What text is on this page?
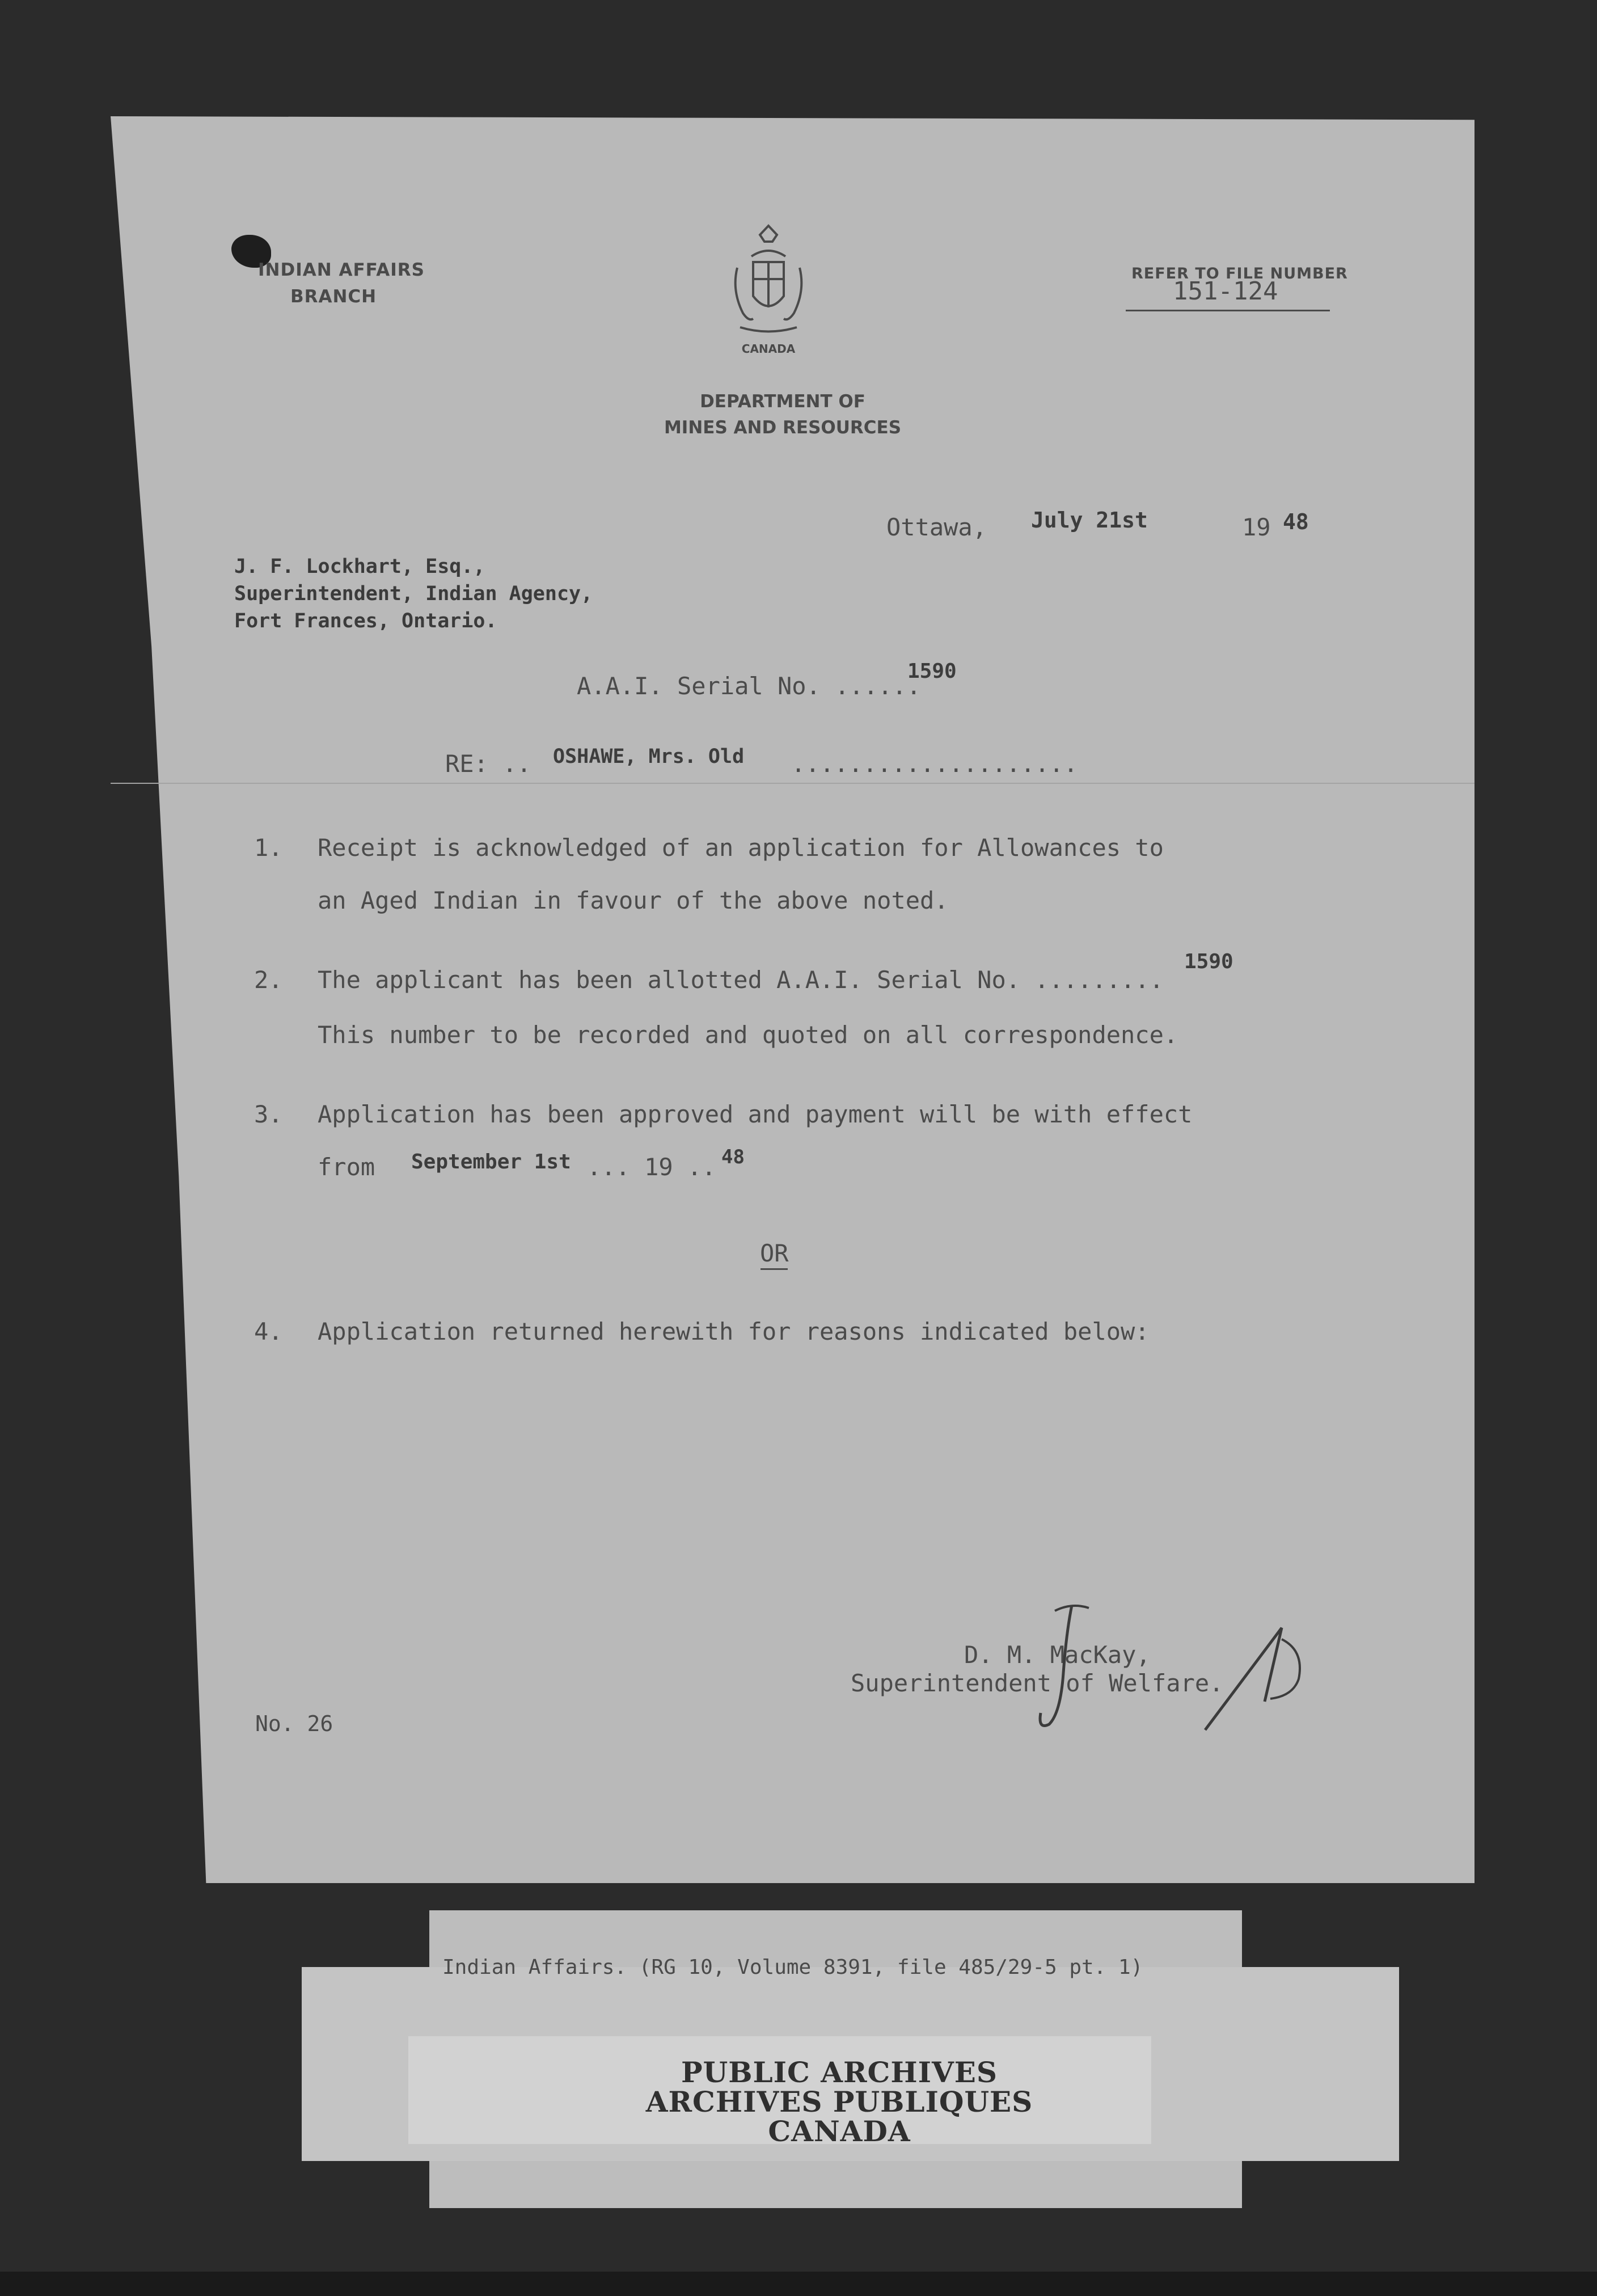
INDIAN AFFAIRS
BRANCH
CANADA
DEPARTMENT OF
MINES AND RESOURCES
REFER TO FILE NUMBER
151-124
Ottawa, July 21st	19 48
J. F. Lockhart, Esq.,
Superintendent, Indian Agency,
Fort Frances, Ontario.
A.A.I. Serial No. ......
1590
RE: .. OSHAWE, Mrs. Old ....................
1. Receipt is acknowledged of an application for Allowances to
an Aged Indian in favour of the above noted.
2. The applicant has been allotted A.A.I. Serial No. .........
1590
This number to be recorded and quoted on all correspondence.
3. Application has been approved and payment will be with effect
from September 1st ... 19 .. 48
OR
4. Application returned herewith for reasons indicated below:
D. M. MacKay,
Superintendent of Welfare.
No. 26
Indian Affairs. (RG 10, Volume 8391, file 485/29-5 pt. 1)
PUBLIC ARCHIVES
ARCHIVES PUBLIQUES
CANADA
